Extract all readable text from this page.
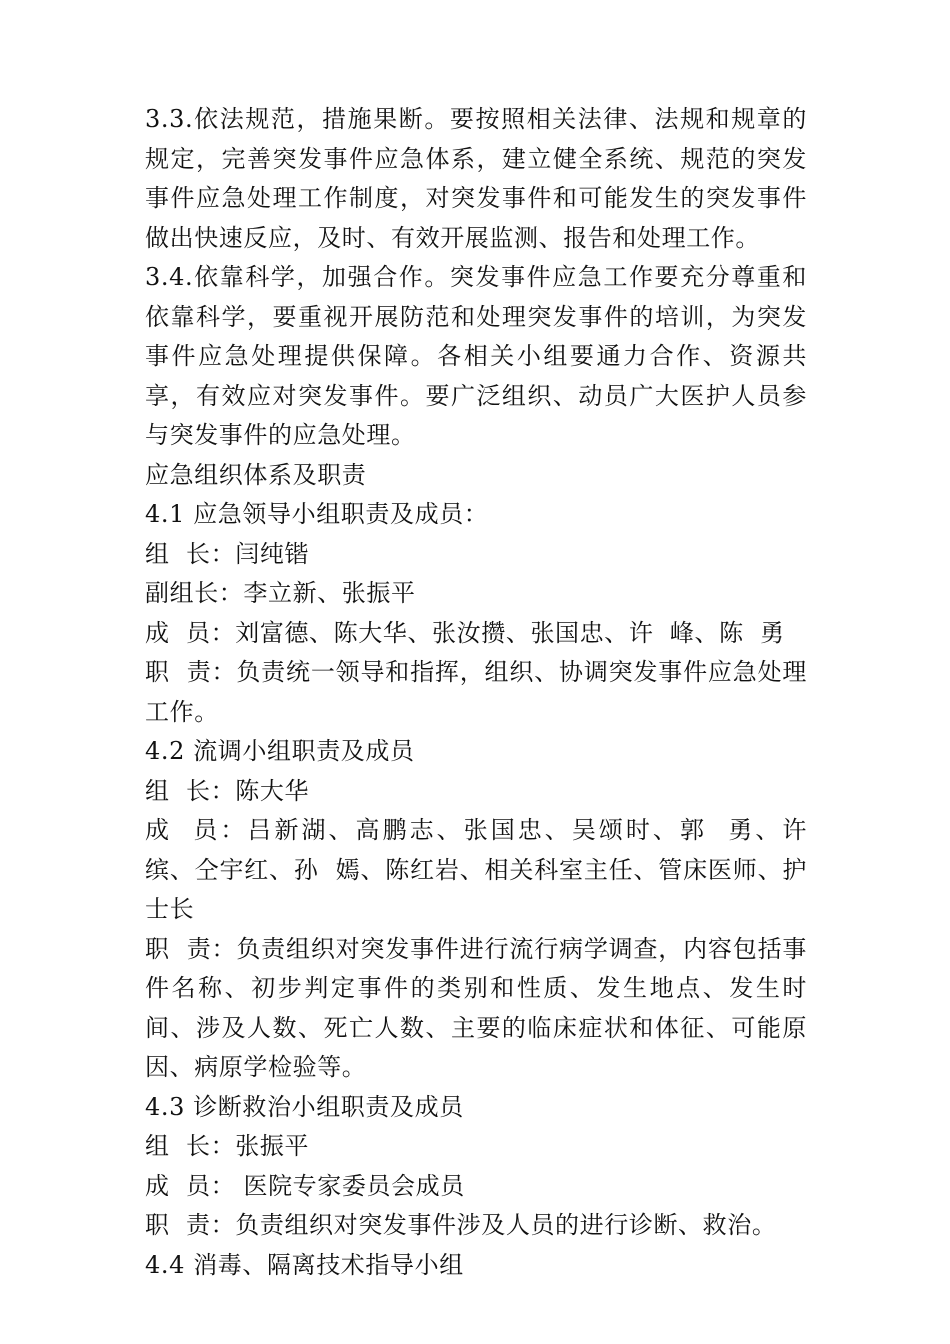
3.3.依法规范，措施果断。要按照相关法律、法规和规章的规定，完善突发事件应急体系，建立健全系统、规范的突发事件应急处理工作制度，对突发事件和可能发生的突发事件做出快速反应，及时、有效开展监测、报告和处理工作。

3.4.依靠科学，加强合作。突发事件应急工作要充分尊重和依靠科学，要重视开展防范和处理突发事件的培训，为突发事件应急处理提供保障。各相关小组要通力合作、资源共享，有效应对突发事件。要广泛组织、动员广大医护人员参与突发事件的应急处理。

应急组织体系及职责

4.1 应急领导小组职责及成员：

组  长：闫纯锴

副组长：李立新、张振平

成  员：刘富德、陈大华、张汝攒、张国忠、许  峰、陈  勇

职  责：负责统一领导和指挥，组织、协调突发事件应急处理工作。

4.2 流调小组职责及成员

组  长：陈大华

成  员：吕新湖、高鹏志、张国忠、吴颂时、郭  勇、许  缤、仝宇红、孙  嫣、陈红岩、相关科室主任、管床医师、护士长

职  责：负责组织对突发事件进行流行病学调查，内容包括事件名称、初步判定事件的类别和性质、发生地点、发生时间、涉及人数、死亡人数、主要的临床症状和体征、可能原因、病原学检验等。

4.3 诊断救治小组职责及成员

组  长：张振平

成  员： 医院专家委员会成员

职  责：负责组织对突发事件涉及人员的进行诊断、救治。

4.4 消毒、隔离技术指导小组
